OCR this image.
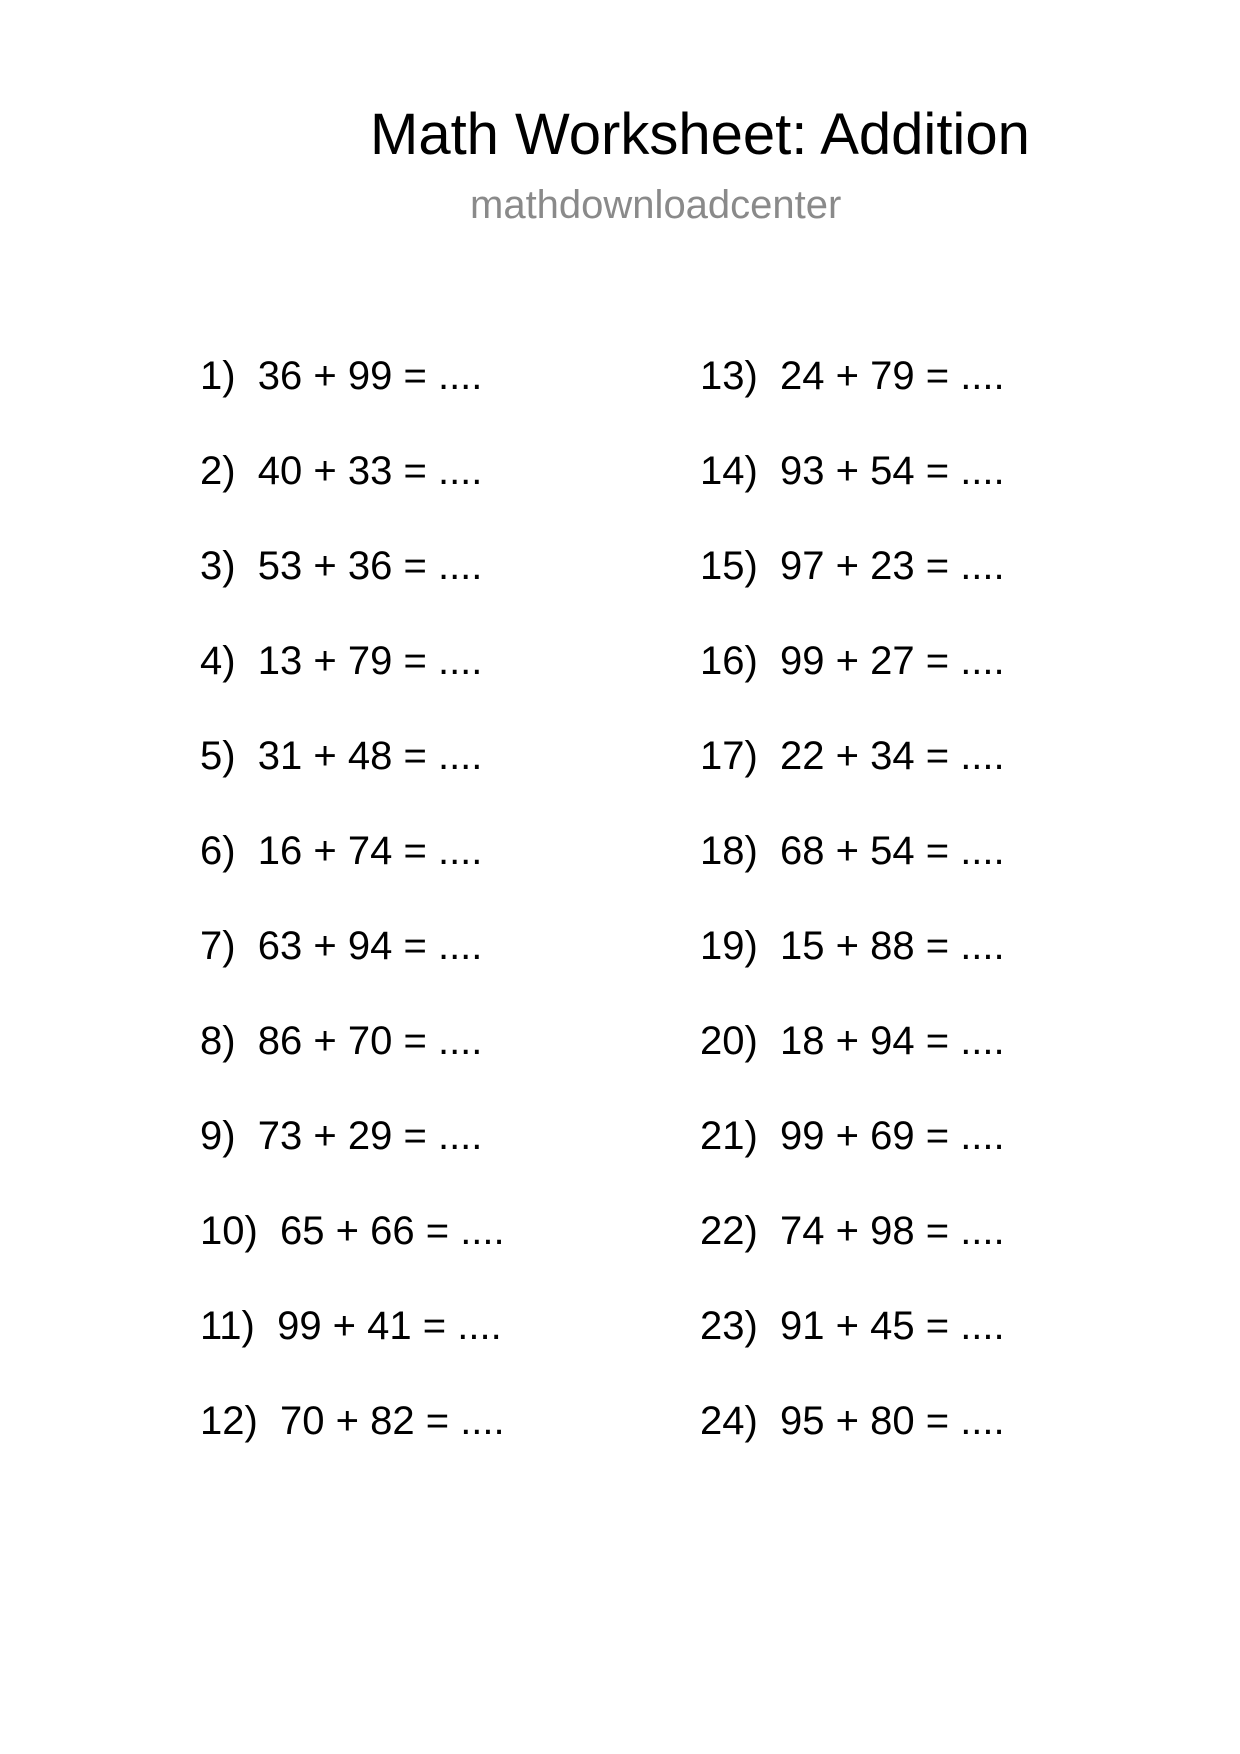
Math Worksheet: Addition
mathdownloadcenter
1)  36 + 99 = ....
2)  40 + 33 = ....
3)  53 + 36 = ....
4)  13 + 79 = ....
5)  31 + 48 = ....
6)  16 + 74 = ....
7)  63 + 94 = ....
8)  86 + 70 = ....
9)  73 + 29 = ....
10)  65 + 66 = ....
11)  99 + 41 = ....
12)  70 + 82 = ....
13)  24 + 79 = ....
14)  93 + 54 = ....
15)  97 + 23 = ....
16)  99 + 27 = ....
17)  22 + 34 = ....
18)  68 + 54 = ....
19)  15 + 88 = ....
20)  18 + 94 = ....
21)  99 + 69 = ....
22)  74 + 98 = ....
23)  91 + 45 = ....
24)  95 + 80 = ....
